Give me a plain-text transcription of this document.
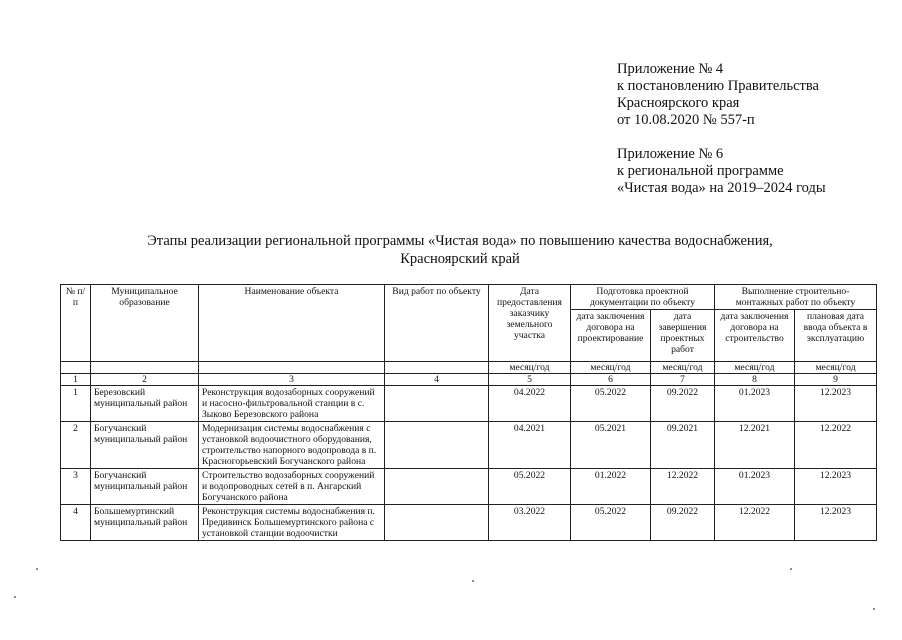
Приложение № 4
к постановлению Правительства
Красноярского края
от 10.08.2020 № 557-п
Приложение № 6
к региональной программе
«Чистая вода» на 2019–2024 годы
Этапы реализации региональной программы «Чистая вода» по повышению качества водоснабжения,
Красноярский край
№ п/п	Муниципальное образование	Наименование объекта	Вид работ по объекту	Дата предоставления заказчику земельного участка	Подготовка проектной документации по объекту		Выполнение строительно-монтажных работ по объекту	
					дата заключения договора на проектирование	дата завершения проектных работ	дата заключения договора на строительство	плановая дата ввода объекта в эксплуатацию
				месяц/год	месяц/год	месяц/год	месяц/год	месяц/год
1	2	3	4	5	6	7	8	9
1	Березовский муниципальный район	Реконструкция водозаборных сооружений и насосно-фильтровальной станции в с. Зыково Березовского района		04.2022	05.2022	09.2022	01.2023	12.2023
2	Богучанский муниципальный район	Модернизация системы водоснабжения с установкой водоочистного оборудования, строительство напорного водопровода в п. Красногорьевский Богучанского района		04.2021	05.2021	09.2021	12.2021	12.2022
3	Богучанский муниципальный район	Строительство водозаборных сооружений и водопроводных сетей в п. Ангарский Богучанского района		05.2022	01.2022	12.2022	01.2023	12.2023
4	Большемуртинский муниципальный район	Реконструкция системы водоснабжения п. Предивинск Большемуртинского района с установкой станции водоочистки		03.2022	05.2022	09.2022	12.2022	12.2023
